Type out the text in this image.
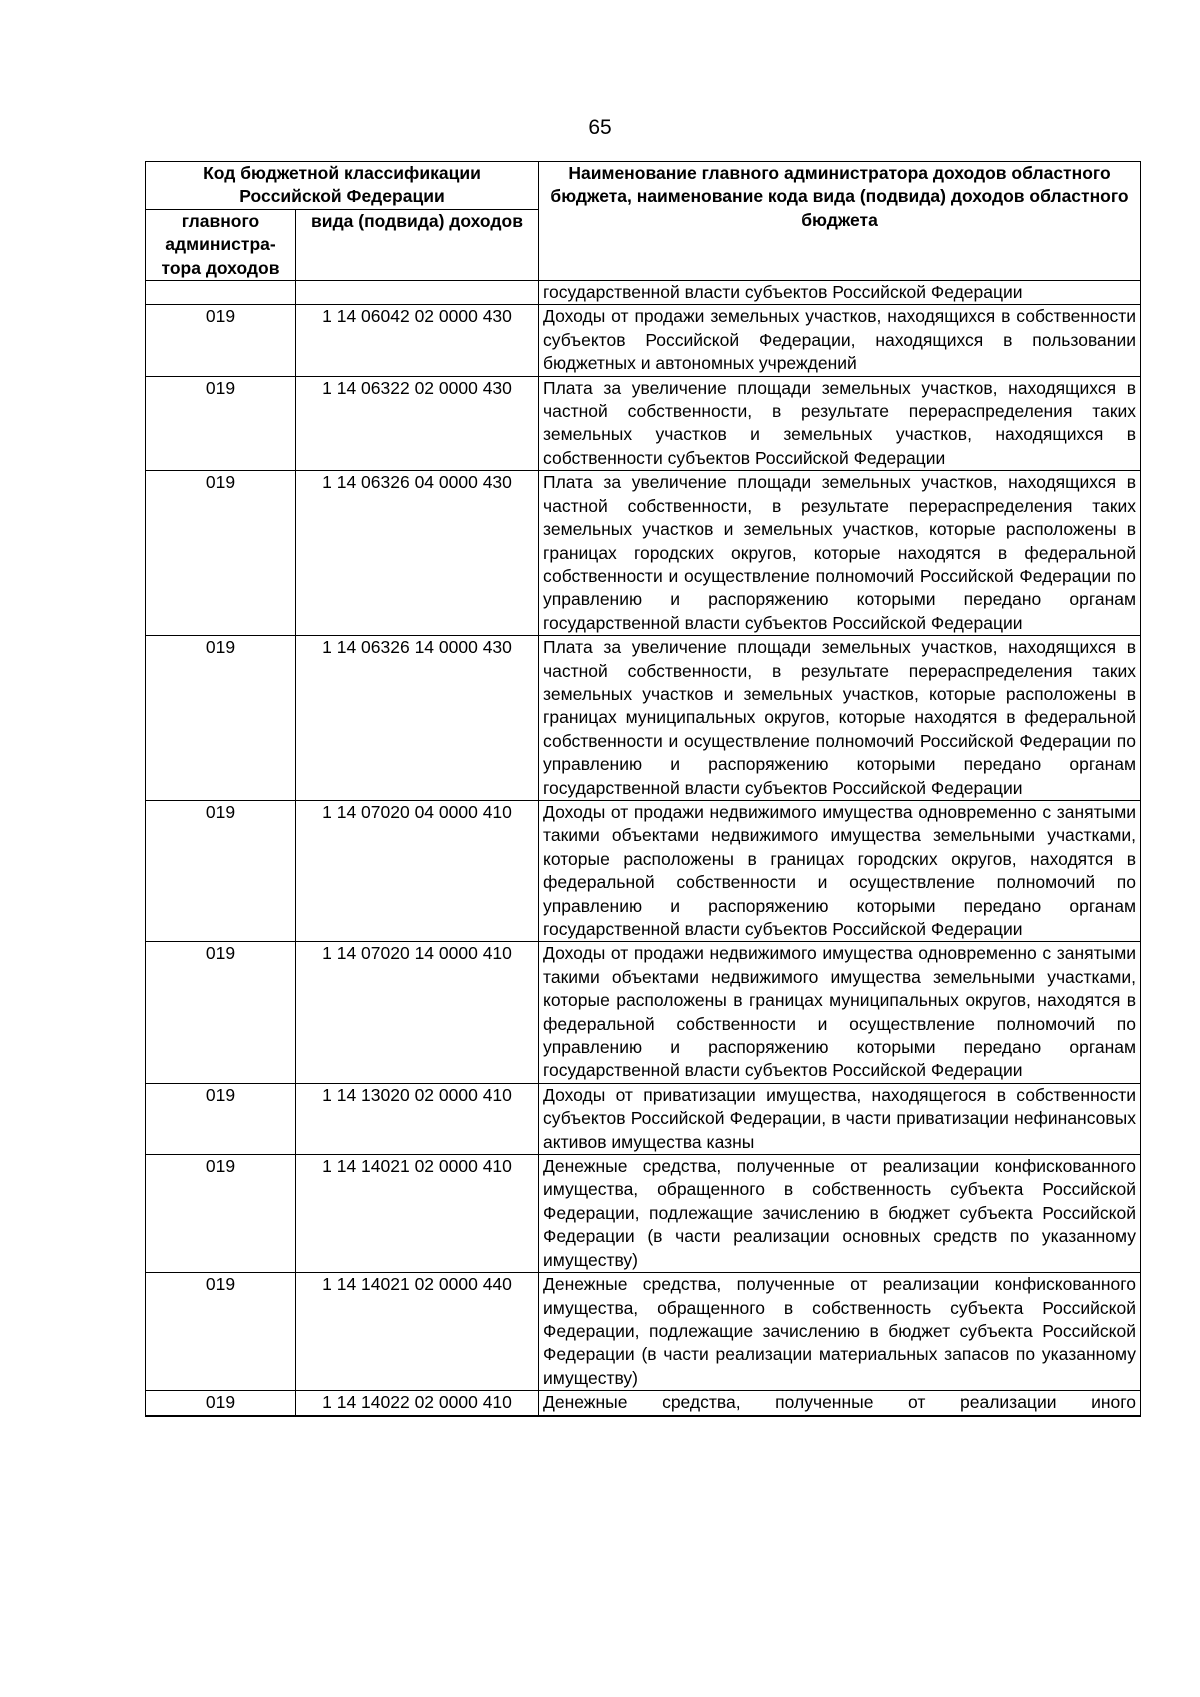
65
Код бюджетной классификации Российской Федерации		Наименование главного администратора доходов областного бюджета, наименование кода вида (подвида) доходов областного бюджета
главного администра-тора доходов	вида (подвида) доходов	
		государственной власти субъектов Российской Федерации
019	1 14 06042 02 0000 430	Доходы от продажи земельных участков, находящихся в собственности субъектов Российской Федерации, находящихся в пользовании бюджетных и автономных учреждений
019	1 14 06322 02 0000 430	Плата за увеличение площади земельных участков, находящихся в частной собственности, в результате перераспределения таких земельных участков и земельных участков, находящихся в собственности субъектов Российской Федерации
019	1 14 06326 04 0000 430	Плата за увеличение площади земельных участков, находящихся в частной собственности, в результате перераспределения таких земельных участков и земельных участков, которые расположены в границах городских округов, которые находятся в федеральной собственности и осуществление полномочий Российской Федерации по управлению и распоряжению которыми передано органам государственной власти субъектов Российской Федерации
019	1 14 06326 14 0000 430	Плата за увеличение площади земельных участков, находящихся в частной собственности, в результате перераспределения таких земельных участков и земельных участков, которые расположены в границах муниципальных округов, которые находятся в федеральной собственности и осуществление полномочий Российской Федерации по управлению и распоряжению которыми передано органам государственной власти субъектов Российской Федерации
019	1 14 07020 04 0000 410	Доходы от продажи недвижимого имущества одновременно с занятыми такими объектами недвижимого имущества земельными участками, которые расположены в границах городских округов, находятся в федеральной собственности и осуществление полномочий по управлению и распоряжению которыми передано органам государственной власти субъектов Российской Федерации
019	1 14 07020 14 0000 410	Доходы от продажи недвижимого имущества одновременно с занятыми такими объектами недвижимого имущества земельными участками, которые расположены в границах муниципальных округов, находятся в федеральной собственности и осуществление полномочий по управлению и распоряжению которыми передано органам государственной власти субъектов Российской Федерации
019	1 14 13020 02 0000 410	Доходы от приватизации имущества, находящегося в собственности субъектов Российской Федерации, в части приватизации нефинансовых активов имущества казны
019	1 14 14021 02 0000 410	Денежные средства, полученные от реализации конфискованного имущества, обращенного в собственность субъекта Российской Федерации, подлежащие зачислению в бюджет субъекта Российской Федерации (в части реализации основных средств по указанному имуществу)
019	1 14 14021 02 0000 440	Денежные средства, полученные от реализации конфискованного имущества, обращенного в собственность субъекта Российской Федерации, подлежащие зачислению в бюджет субъекта Российской Федерации (в части реализации материальных запасов по указанному имуществу)
019	1 14 14022 02 0000 410	Денежные средства, полученные от реализации иного
